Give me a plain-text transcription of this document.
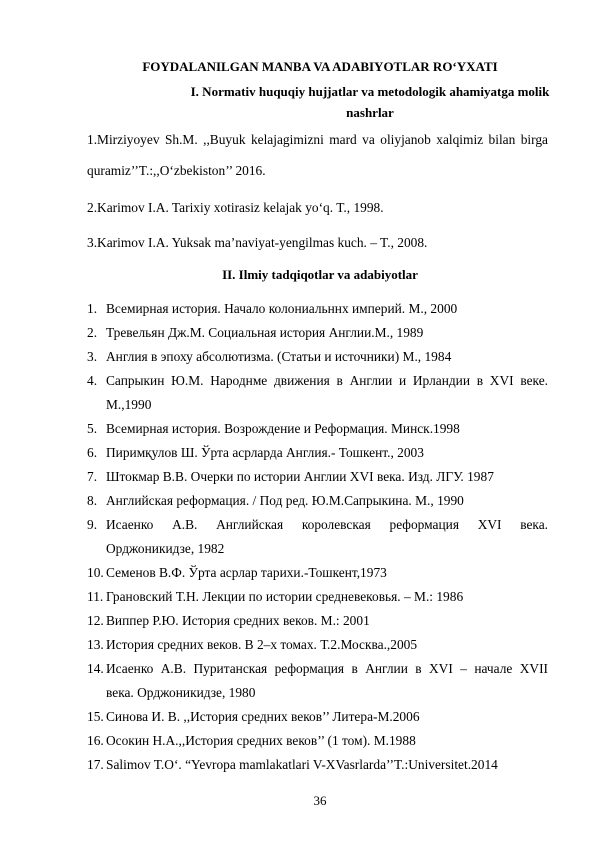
FOYDALANILGAN MANBA VA ADABIYOTLAR RO‘YXATI
I. Normativ huquqiy hujjatlar va metodologik ahamiyatga molik
nashrlar
1.Mirziyoyev Sh.M. ,,Buyuk kelajagimizni mard va oliyjanob xalqimiz bilan birga
quramiz’’T.:,,O‘zbekiston’’ 2016.
2.Karimov I.A. Tarixiy xotirasiz kelajak yo‘q. T., 1998.
3.Karimov I.A. Yuksak ma’naviyat-yengilmas kuch. – T., 2008.
II. Ilmiy tadqiqotlar va adabiyotlar
1. Всемирная история. Начало колониальннх империй. М., 2000
2. Тревельян Дж.М. Социальная история Англии.М., 1989
3. Англия в эпоху абсолютизма. (Статьи и источники) М., 1984
4. Сапрыкин Ю.М. Народнме движения в Англии и Ирландии в XVI веке.
М.,1990
5. Всемирная история. Возрождение и Реформация. Минск.1998
6. Пиримқулов Ш. Ўрта асрларда Англия.- Тошкент., 2003
7. Штокмар В.В. Очерки по истории Англии XVI века. Изд. ЛГУ. 1987
8. Английская реформация. / Под ред. Ю.М.Сапрыкина. М., 1990
9. Исаенко А.В. Английская королевская реформация XVI века.
Орджоникидзе, 1982
10. Семенов В.Ф. Ўрта асрлар тарихи.-Тошкент,1973
11. Грановский Т.Н. Лекции по истории средневековья. – М.: 1986
12. Виппер Р.Ю. История средних веков. М.: 2001
13. История средних веков. В 2–х томах. Т.2.Москва.,2005
14. Исаенко А.В. Пуританская реформация в Англии в XVI – начале XVII
века. Орджоникидзе, 1980
15. Синова И. В. ,,История средних веков’’ Литера-М.2006
16. Осокин Н.А.,,История средних веков’’ (1 том). М.1988
17. Salimov T.O‘. “Yevropa mamlakatlari V-XVasrlarda’’T.:Universitet.2014
36
